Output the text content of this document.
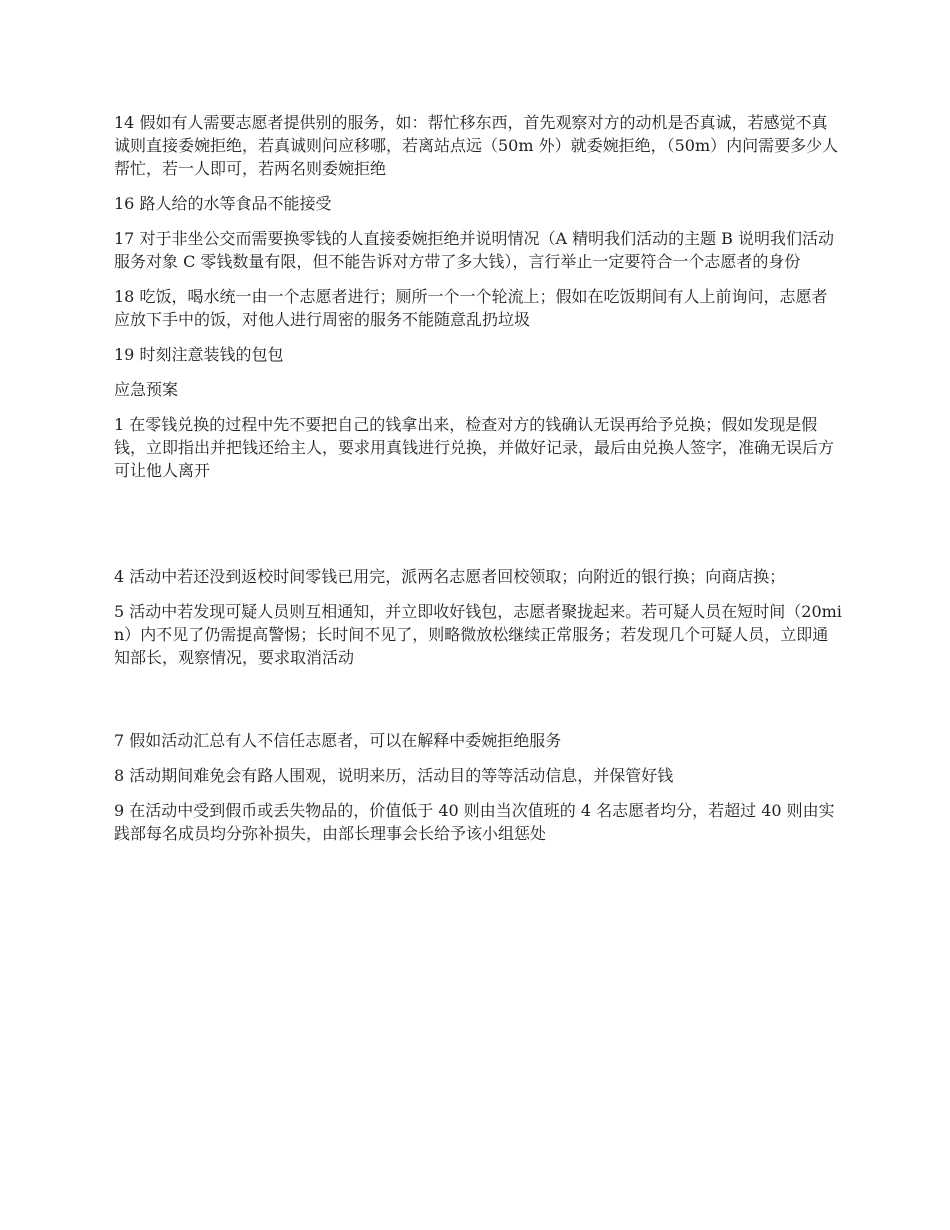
14 假如有人需要志愿者提供别的服务，如：帮忙移东西，首先观察对方的动机是否真诚，若感觉不真诚则直接委婉拒绝，若真诚则问应移哪，若离站点远（50m 外）就委婉拒绝，（50m）内问需要多少人帮忙，若一人即可，若两名则委婉拒绝

16 路人给的水等食品不能接受

17 对于非坐公交而需要换零钱的人直接委婉拒绝并说明情况（A 精明我们活动的主题 B 说明我们活动服务对象 C 零钱数量有限，但不能告诉对方带了多大钱），言行举止一定要符合一个志愿者的身份

18 吃饭，喝水统一由一个志愿者进行；厕所一个一个轮流上；假如在吃饭期间有人上前询问，志愿者应放下手中的饭，对他人进行周密的服务不能随意乱扔垃圾

19 时刻注意装钱的包包

应急预案

1 在零钱兑换的过程中先不要把自己的钱拿出来，检查对方的钱确认无误再给予兑换；假如发现是假钱，立即指出并把钱还给主人，要求用真钱进行兑换，并做好记录，最后由兑换人签字，准确无误后方可让他人离开

4 活动中若还没到返校时间零钱已用完，派两名志愿者回校领取；向附近的银行换；向商店换；

5 活动中若发现可疑人员则互相通知，并立即收好钱包，志愿者聚拢起来。若可疑人员在短时间（20min）内不见了仍需提高警惕；长时间不见了，则略微放松继续正常服务；若发现几个可疑人员，立即通知部长，观察情况，要求取消活动

7 假如活动汇总有人不信任志愿者，可以在解释中委婉拒绝服务

8 活动期间难免会有路人围观，说明来历，活动目的等等活动信息，并保管好钱

9 在活动中受到假币或丢失物品的，价值低于 40 则由当次值班的 4 名志愿者均分，若超过 40 则由实践部每名成员均分弥补损失，由部长理事会长给予该小组惩处
